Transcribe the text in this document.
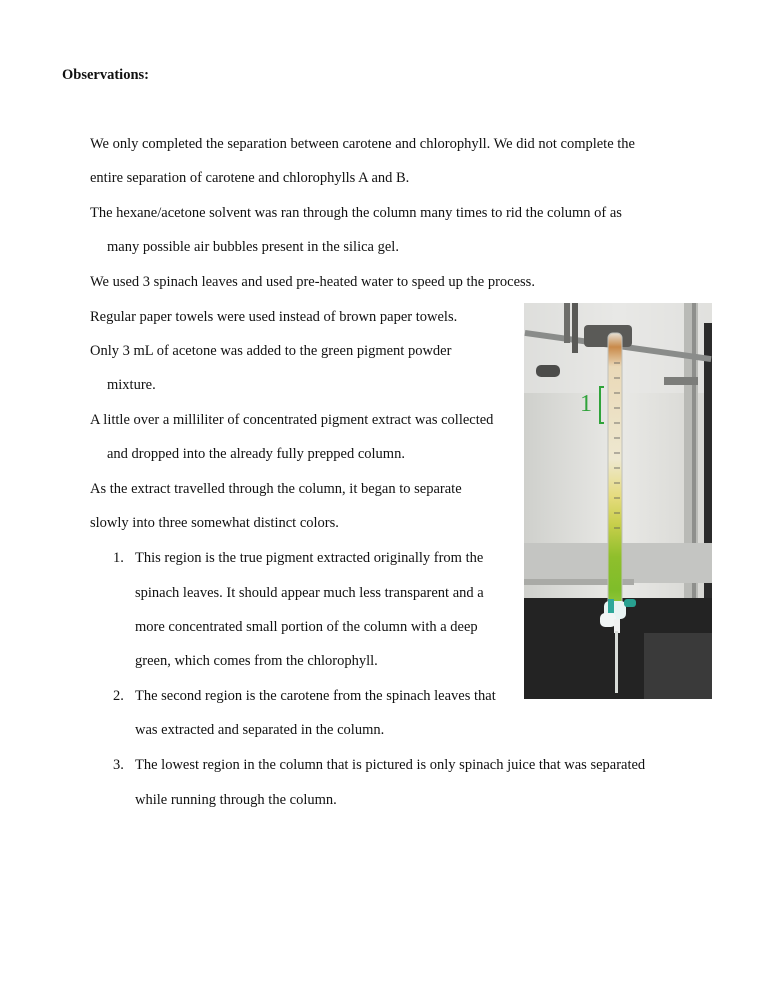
Observations:
We only completed the separation between carotene and chlorophyll. We did not complete the
entire separation of carotene and chlorophylls A and B.
The hexane/acetone solvent was ran through the column many times to rid the column of as
many possible air bubbles present in the silica gel.
We used 3 spinach leaves and used pre-heated water to speed up the process.
Regular paper towels were used instead of brown paper towels.
Only 3 mL of acetone was added to the green pigment powder
mixture.
A little over a milliliter of concentrated pigment extract was collected
and dropped into the already fully prepped column.
As the extract travelled through the column, it began to separate
slowly into three somewhat distinct colors.
1. This region is the true pigment extracted originally from the
spinach leaves. It should appear much less transparent and a
more concentrated small portion of the column with a deep
green, which comes from the chlorophyll.
2. The second region is the carotene from the spinach leaves that
was extracted and separated in the column.
3. The lowest region in the column that is pictured is only spinach juice that was separated
while running through the column.
1
